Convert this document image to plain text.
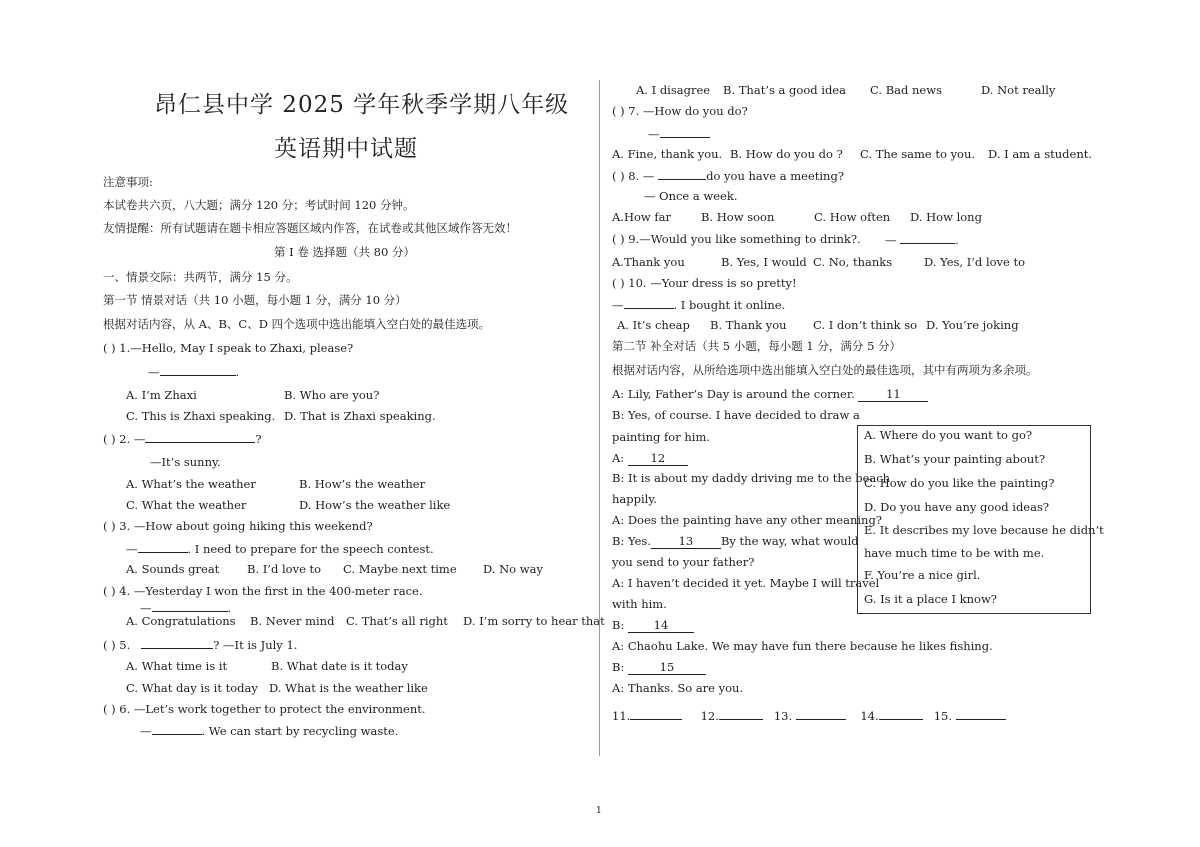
昂仁县中学 2025 学年秋季学期八年级
英语期中试题
注意事项:
本试卷共六页，八大题；满分 120 分；考试时间 120 分钟。
友情提醒：所有试题请在题卡相应答题区域内作答，在试卷或其他区域作答无效！
第 I 卷 选择题（共 80 分）
一、情景交际：共两节，满分 15 分。
第一节 情景对话（共 10 小题，每小题 1 分，满分 10 分）
根据对话内容，从 A、B、C、D 四个选项中选出能填入空白处的最佳选项。
( ) 1.—Hello, May I speak to Zhaxi, please?
—	.
A. I’m Zhaxi	B. Who are you?
C. This is Zhaxi speaking. D. That is Zhaxi speaking.
( ) 2. —	?
—It’s sunny.
A. What’s the weather	B. How’s the weather
C. What the weather	D. How’s the weather like
( ) 3. —How about going hiking this weekend?
—	. I need to prepare for the speech contest.
A. Sounds great B. I’d love to C. Maybe next time D. No way
( ) 4. —Yesterday I won the first in the 400-meter race.
—	.
A. Congratulations B. Never mind C. That’s all right D. I’m sorry to hear that
( ) 5.	? —It is July 1.
A. What time is it	B. What date is it today
C. What day is it today D. What is the weather like
( ) 6. —Let’s work together to protect the environment.
—	. We can start by recycling waste.
A. I disagree B. That’s a good idea C. Bad news	D. Not really
( ) 7. —How do you do?
—
A. Fine, thank you. B. How do you do ? C. The same to you. D. I am a student.
( ) 8. —	do you have a meeting?
— Once a week.
A.How far	B. How soon	C. How often D. How long
( ) 9.—Would you like something to drink?. —	.
A.Thank you	B. Yes, I would C. No, thanks	D. Yes, I’d love to
( ) 10. —Your dress is so pretty!
—	. I bought it online.
A. It’s cheap B. Thank you C. I don’t think so D. You’re joking
第二节 补全对话（共 5 小题，每小题 1 分，满分 5 分）
根据对话内容，从所给选项中选出能填入空白处的最佳选项，其中有两项为多余项。
A: Lily, Father’s Day is around the corner.	11
B: Yes, of course. I have decided to draw a
painting for him.
A: 12
B: It is about my daddy driving me to the beach
happily.
A: Does the painting have any other meaning?
B: Yes. 13 By the way, what would
you send to your father?
A: I haven’t decided it yet. Maybe I will travel
with him.
B:	14
A: Chaohu Lake. We may have fun there because he likes fishing.
B:	15
A: Thanks. So are you.
A. Where do you want to go?
B. What’s your painting about?
C. How do you like the painting?
D. Do you have any good ideas?
E. It describes my love because he didn’t
have much time to be with me.
F. You’re a nice girl.
G. Is it a place I know?
11.	12.	13.	14.	15.
1
